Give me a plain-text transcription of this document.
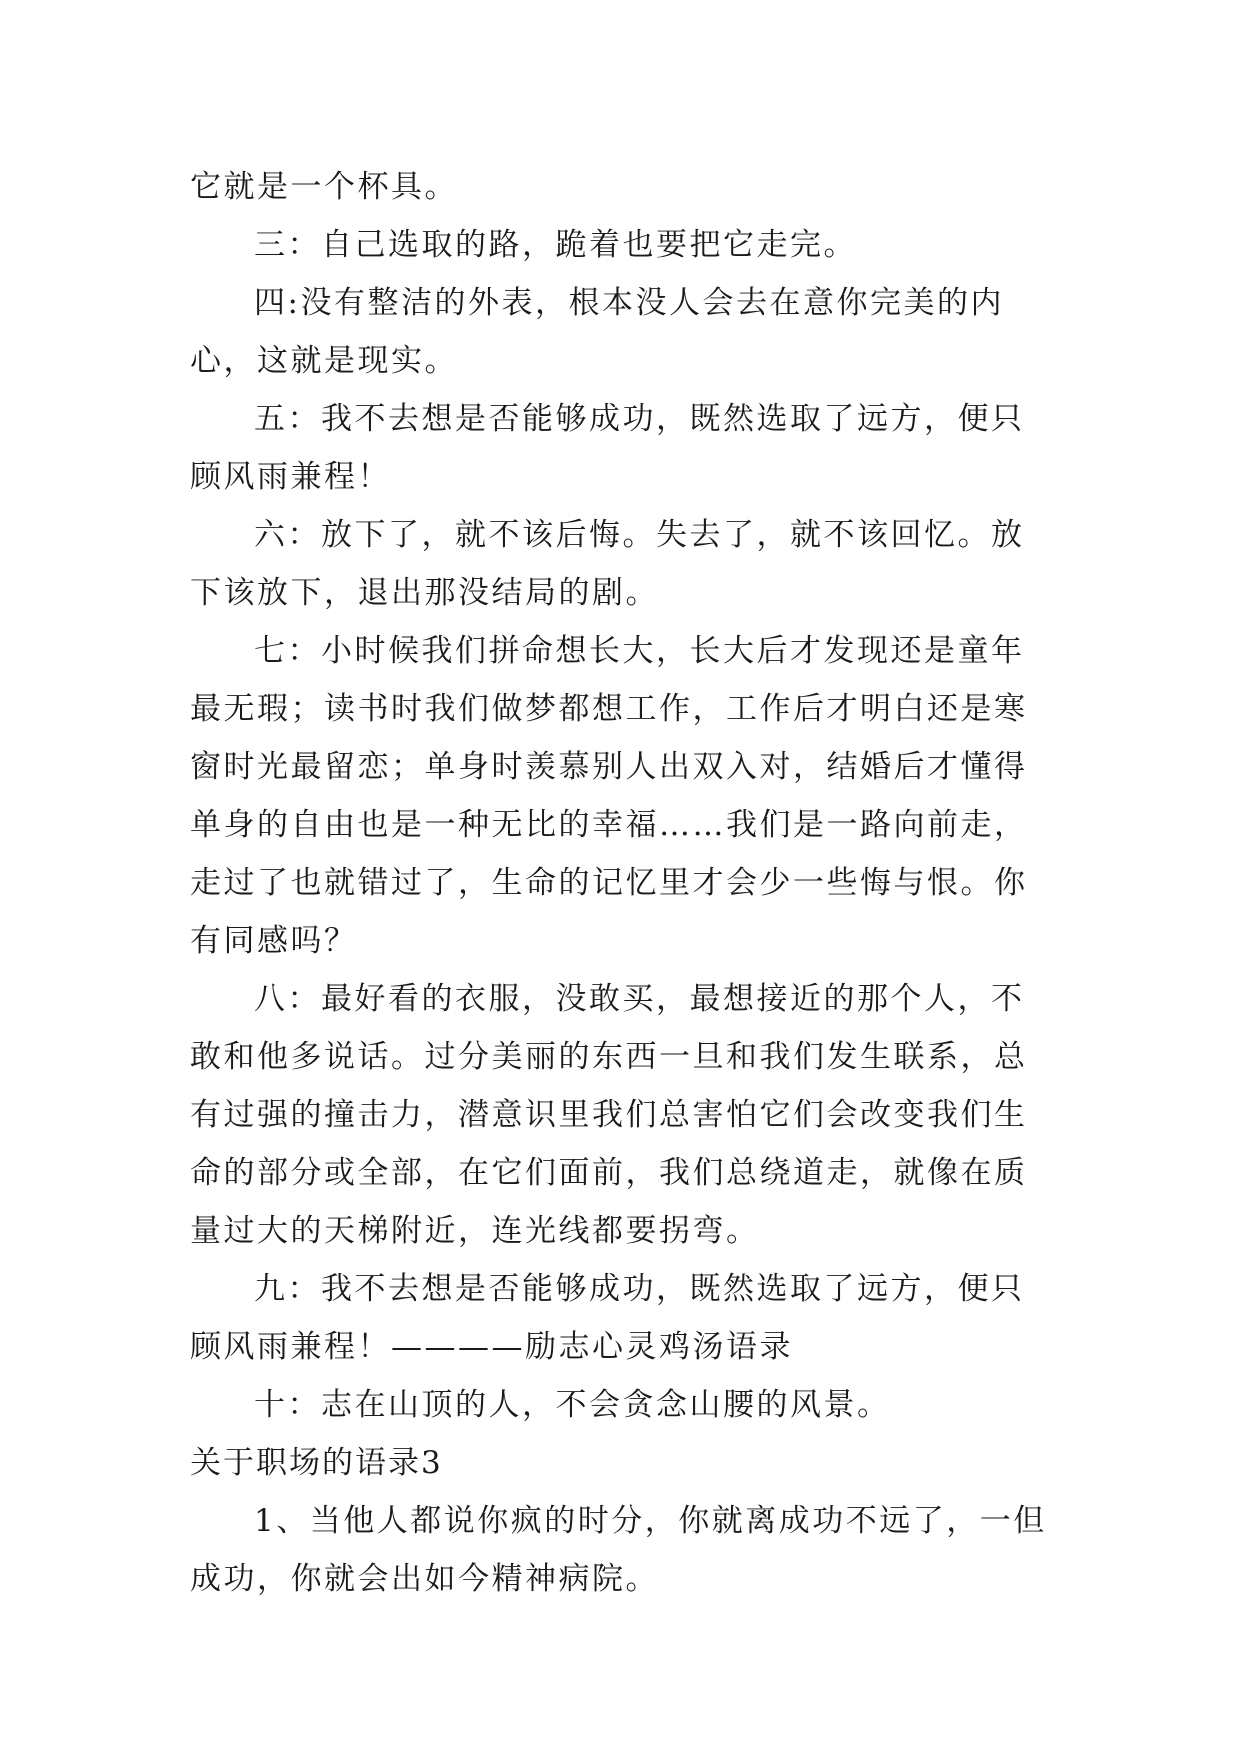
它就是一个杯具。

三：自己选取的路，跪着也要把它走完。

四:没有整洁的外表，根本没人会去在意你完美的内心，这就是现实。

五：我不去想是否能够成功，既然选取了远方，便只顾风雨兼程！

六：放下了，就不该后悔。失去了，就不该回忆。放下该放下，退出那没结局的剧。

七：小时候我们拼命想长大，长大后才发现还是童年最无瑕；读书时我们做梦都想工作，工作后才明白还是寒窗时光最留恋；单身时羡慕别人出双入对，结婚后才懂得单身的自由也是一种无比的幸福……我们是一路向前走，走过了也就错过了，生命的记忆里才会少一些悔与恨。你有同感吗？

八：最好看的衣服，没敢买，最想接近的那个人，不敢和他多说话。过分美丽的东西一旦和我们发生联系，总有过强的撞击力，潜意识里我们总害怕它们会改变我们生命的部分或全部，在它们面前，我们总绕道走，就像在质量过大的天梯附近，连光线都要拐弯。

九：我不去想是否能够成功，既然选取了远方，便只顾风雨兼程！————励志心灵鸡汤语录

十：志在山顶的人，不会贪念山腰的风景。

关于职场的语录3

1、当他人都说你疯的时分，你就离成功不远了，一但成功，你就会出如今精神病院。
